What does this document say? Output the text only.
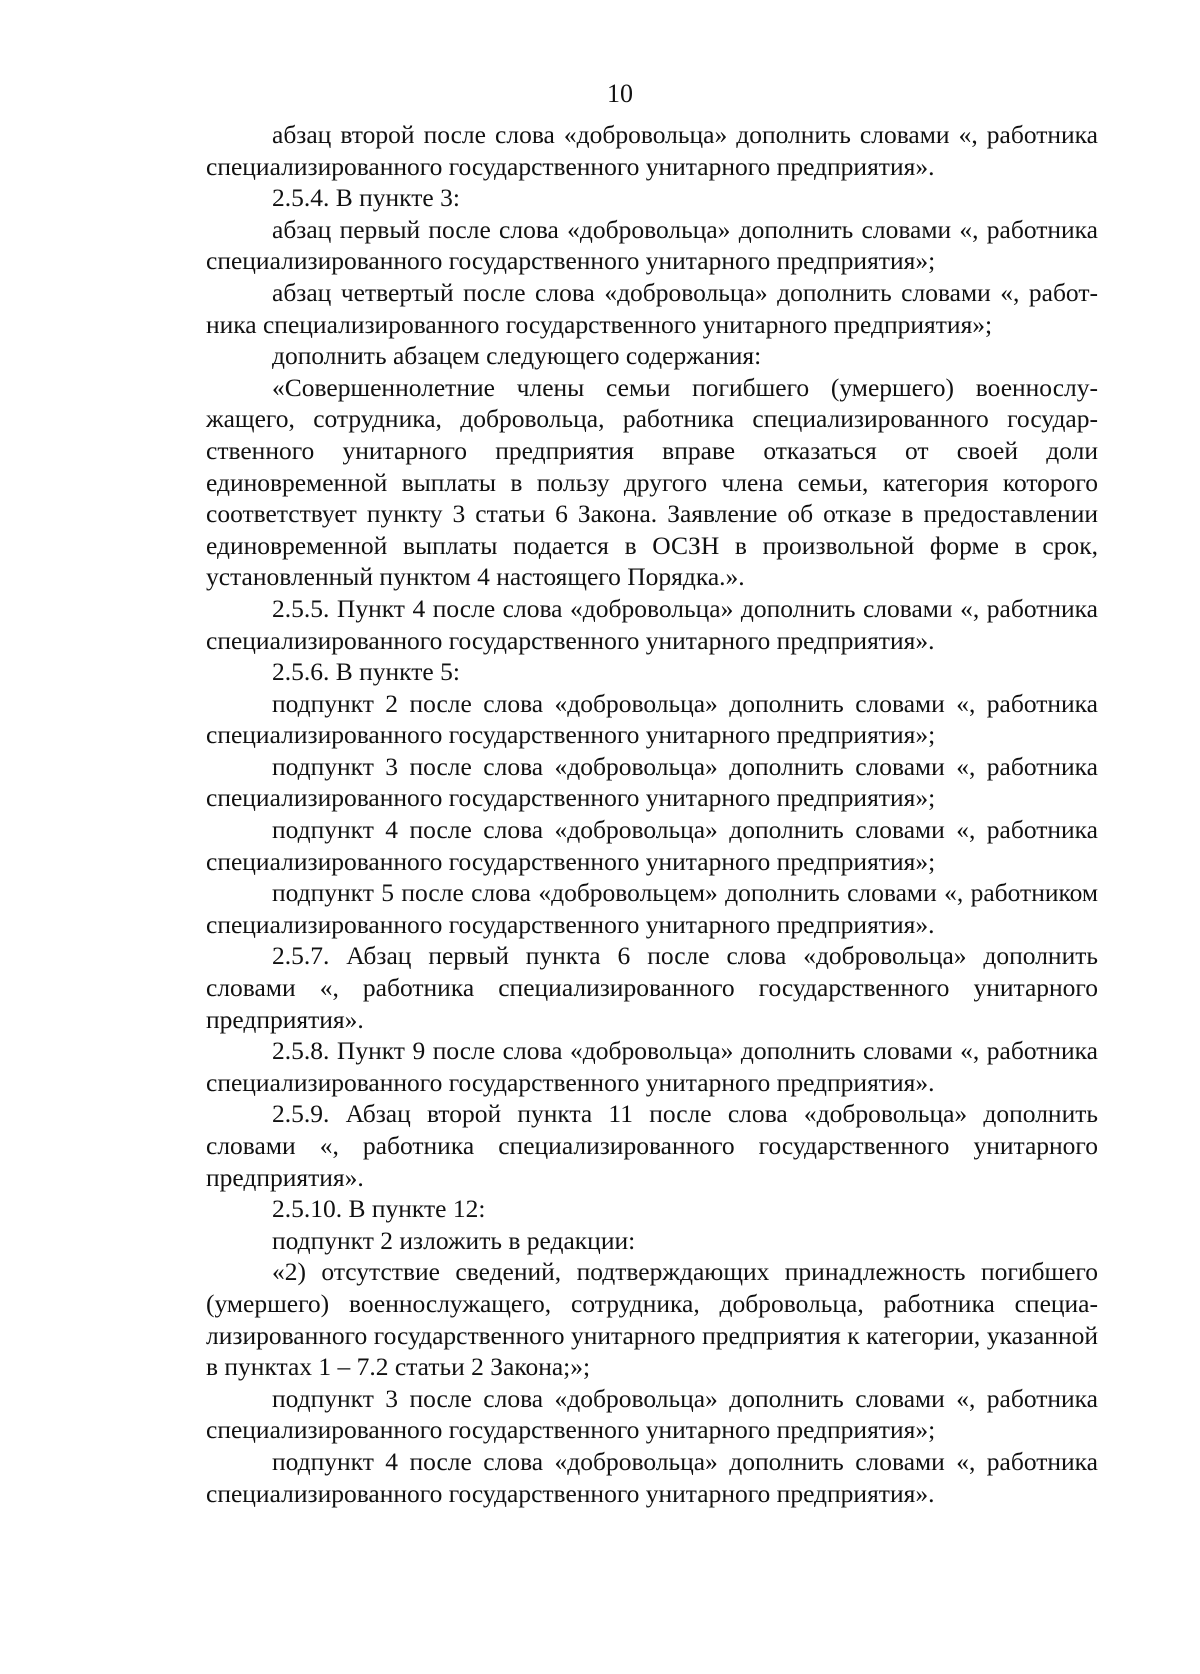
10

абзац второй после слова «добровольца» дополнить словами «, работника специализированного государственного унитарного предприятия».

2.5.4. В пункте 3:

абзац первый после слова «добровольца» дополнить словами «, работника специализированного государственного унитарного предприятия»;

абзац четвертый после слова «добровольца» дополнить словами «, работника специализированного государственного унитарного предприятия»;

дополнить абзацем следующего содержания:

«Совершеннолетние члены семьи погибшего (умершего) военнослужащего, сотрудника, добровольца, работника специализированного государственного унитарного предприятия вправе отказаться от своей доли единовременной выплаты в пользу другого члена семьи, категория которого соответствует пункту 3 статьи 6 Закона. Заявление об отказе в предоставлении единовременной выплаты подается в ОСЗН в произвольной форме в срок, установленный пунктом 4 настоящего Порядка.».

2.5.5. Пункт 4 после слова «добровольца» дополнить словами «, работника специализированного государственного унитарного предприятия».

2.5.6. В пункте 5:

подпункт 2 после слова «добровольца» дополнить словами «, работника специализированного государственного унитарного предприятия»;

подпункт 3 после слова «добровольца» дополнить словами «, работника специализированного государственного унитарного предприятия»;

подпункт 4 после слова «добровольца» дополнить словами «, работника специализированного государственного унитарного предприятия»;

подпункт 5 после слова «добровольцем» дополнить словами «, работником специализированного государственного унитарного предприятия».

2.5.7. Абзац первый пункта 6 после слова «добровольца» дополнить словами «, работника специализированного государственного унитарного предприятия».

2.5.8. Пункт 9 после слова «добровольца» дополнить словами «, работника специализированного государственного унитарного предприятия».

2.5.9. Абзац второй пункта 11 после слова «добровольца» дополнить словами «, работника специализированного государственного унитарного предприятия».

2.5.10. В пункте 12:

подпункт 2 изложить в редакции:

«2) отсутствие сведений, подтверждающих принадлежность погибшего (умершего) военнослужащего, сотрудника, добровольца, работника специализированного государственного унитарного предприятия к категории, указанной в пунктах 1 – 7.2 статьи 2 Закона;»;

подпункт 3 после слова «добровольца» дополнить словами «, работника специализированного государственного унитарного предприятия»;

подпункт 4 после слова «добровольца» дополнить словами «, работника специализированного государственного унитарного предприятия».
